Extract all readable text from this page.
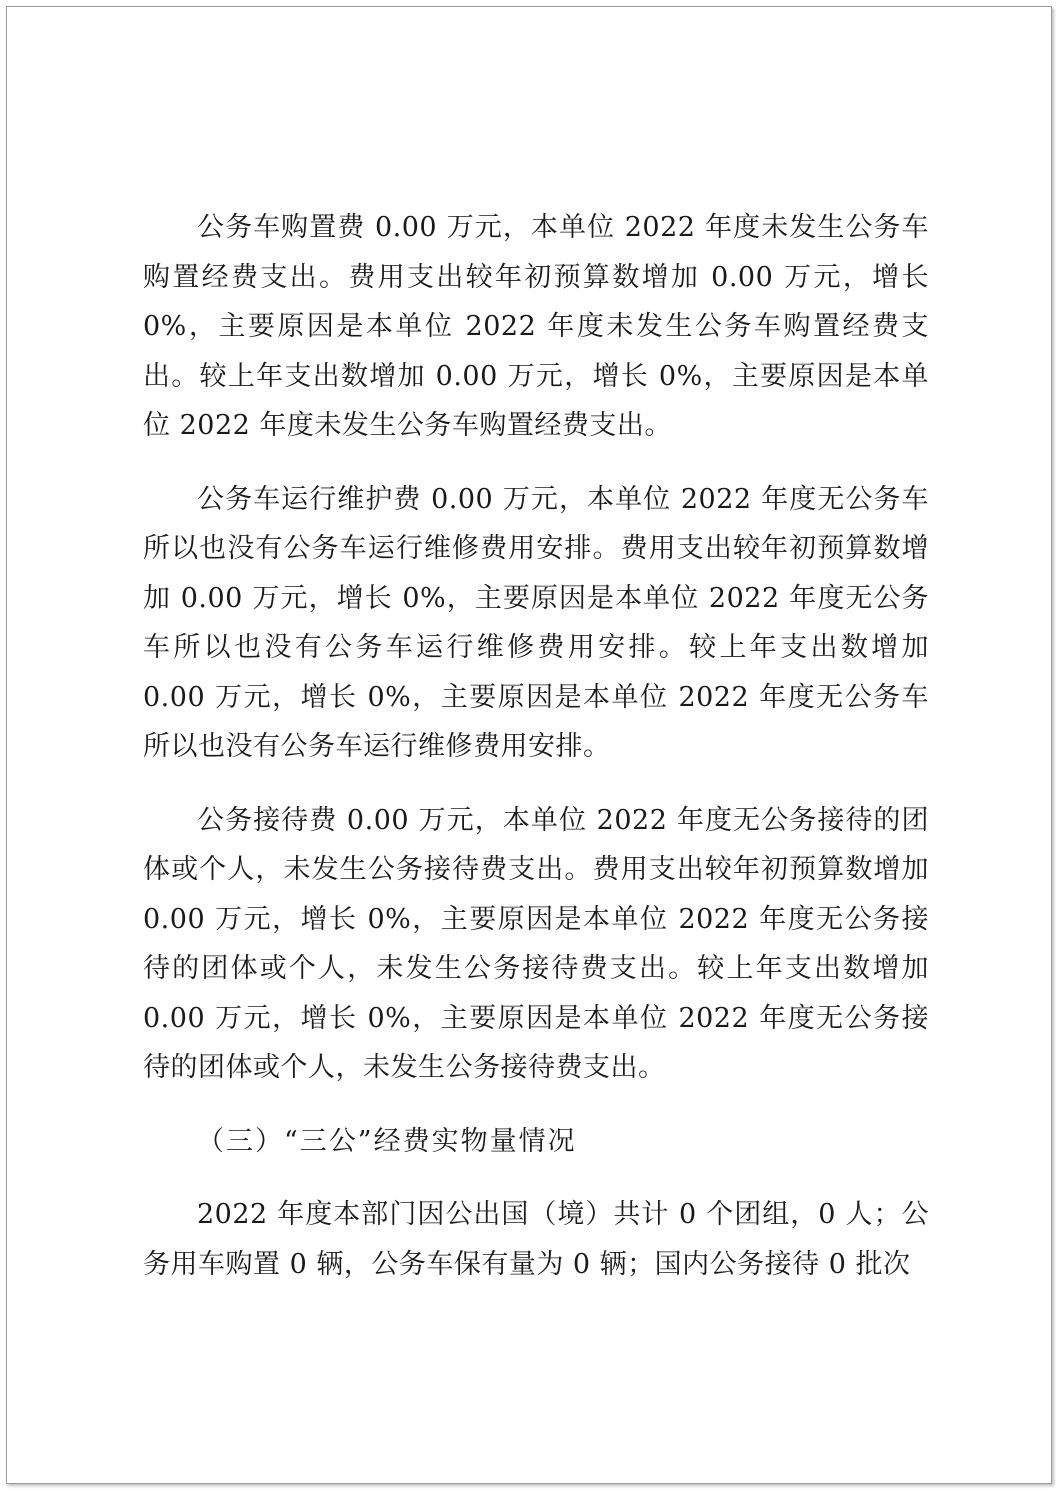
公务车购置费 0.00 万元，本单位 2022 年度未发生公务车购置经费支出。费用支出较年初预算数增加 0.00 万元，增长 0%，主要原因是本单位 2022 年度未发生公务车购置经费支出。较上年支出数增加 0.00 万元，增长 0%，主要原因是本单位 2022 年度未发生公务车购置经费支出。

公务车运行维护费 0.00 万元，本单位 2022 年度无公务车所以也没有公务车运行维修费用安排。费用支出较年初预算数增加 0.00 万元，增长 0%，主要原因是本单位 2022 年度无公务车所以也没有公务车运行维修费用安排。较上年支出数增加 0.00 万元，增长 0%，主要原因是本单位 2022 年度无公务车所以也没有公务车运行维修费用安排。

公务接待费 0.00 万元，本单位 2022 年度无公务接待的团体或个人，未发生公务接待费支出。费用支出较年初预算数增加 0.00 万元，增长 0%，主要原因是本单位 2022 年度无公务接待的团体或个人，未发生公务接待费支出。较上年支出数增加 0.00 万元，增长 0%，主要原因是本单位 2022 年度无公务接待的团体或个人，未发生公务接待费支出。

（三）“三公”经费实物量情况

2022 年度本部门因公出国（境）共计 0 个团组，0 人；公务用车购置 0 辆，公务车保有量为 0 辆；国内公务接待 0 批次
